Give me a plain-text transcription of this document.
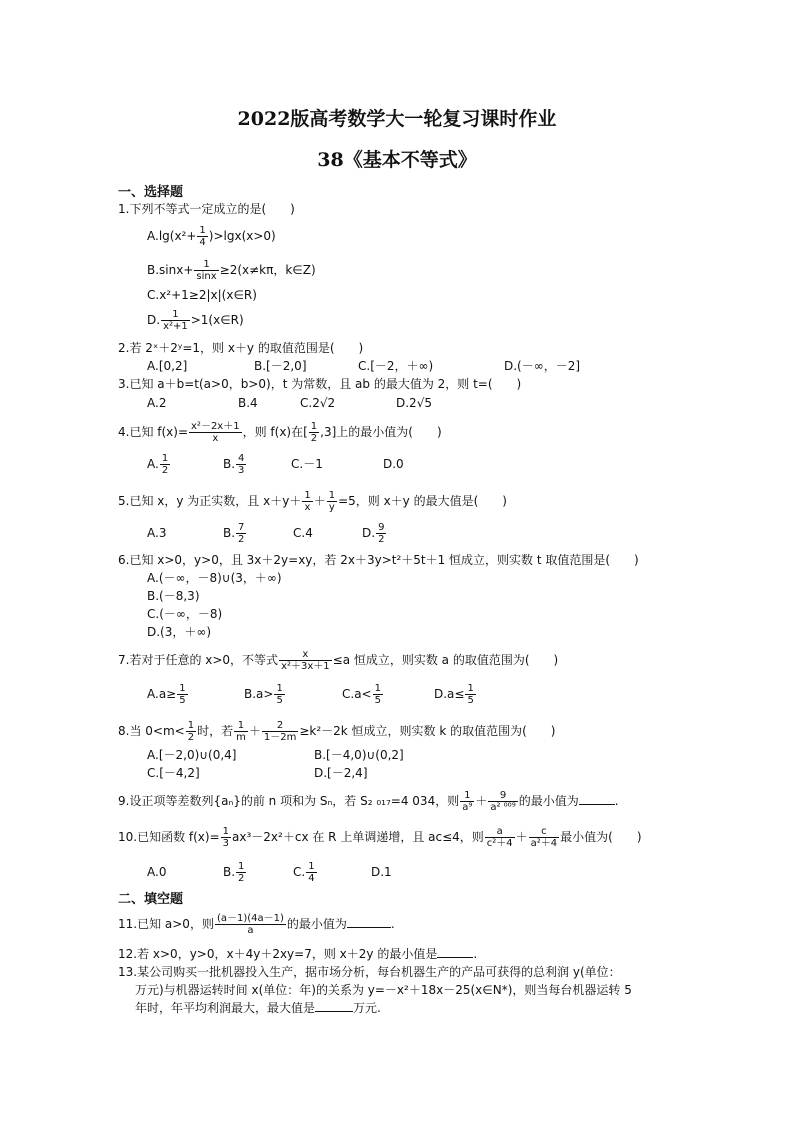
2022版高考数学大一轮复习课时作业
38《基本不等式》
一、选择题
1.下列不等式一定成立的是(　　)
$A.\lg(x^2+ \frac{1}{4} )>\lg x(x>0)$
$B.\sin x+ \frac{1}{\sin x} \ge 2(x\ne k\pi$，k∈Z)
C.x²+1≥2|x|(x∈R)
D. $\frac{1}{\text{x²+1}}$ >1(x∈R)
2.若 2ˣ＋2ʸ=1，则 x＋y 的取值范围是(　　)
A.[0,2]	B.[－2,0]	C.[－2，＋∞)	D.(－∞，－2]
3.已知 a＋b=t(a>0，b>0)，t 为常数，且 ab 的最大值为 2，则 t=(　　)
A.2	B.4	C.2√2	D.2√5
4.已知 $f(x)= \frac{\text{x²－2x＋1}}{x}$ ，则 f(x)在[ $\frac{1}{2} ,3$]上的最小值为(　　)
A. $\frac{1}{2}$	B. $\frac{4}{3}$	C.－1	D.0
5.已知 x，y 为正实数，且 $x+y+ \frac{1}{x} + \frac{1}{y} =5$，则 x＋y 的最大值是(　　)
A.3	B. $\frac{7}{2}$	C.4	D. $\frac{9}{2}$
6.已知 x>0，y>0，且 3x＋2y=xy，若 2x＋3y>t²＋5t＋1 恒成立，则实数 t 取值范围是(　　)
A.(－∞，－8)∪(3，＋∞)
B.(－8,3)
C.(－∞，－8)
D.(3，＋∞)
7.若对于任意的 x>0，不等式 $\frac{x}{\text{x²＋3x＋1}} \le a$ 恒成立，则实数 a 的取值范围为(　　)
$A.a\ge \frac{1}{5}$	$B.a> \frac{1}{5}$	$C.a< \frac{1}{5}$	$D.a\le \frac{1}{5}$
8.当 $0<m< \frac{1}{2}$ 时，若 $\frac{1}{m} + \frac{2}{1-2m} \ge k^2-2k$ 恒成立，则实数 k 的取值范围为(　　)
A.[－2,0)∪(0,4]	B.[－4,0)∪(0,2]
C.[－4,2]	D.[－2,4]
9.设正项等差数列{aₙ}的前 n 项和为 Sₙ，若 S₂ ₀₁₇=4 034，则 $\frac{1}{\text{a⁹}} + \frac{9}{\text{a² ⁰⁰⁹}}$ 的最小值为	.
10.已知函数 $f(x)= \frac{1}{3} ax^3-2x^2+cx$ 在 R 上单调递增，且 ac≤4，则 $\frac{a}{\text{c²＋4}} + \frac{c}{\text{a²＋4}}$ 最小值为(　　)
A.0	B. $\frac{1}{2}$	C. $\frac{1}{4}$	D.1
二、填空题
11.已知 a>0，则 $\frac{(a-1)(4a-1)}{a}$ 的最小值为	.
12.若 x>0，y>0，x＋4y＋2xy=7，则 x＋2y 的最小值是	.
13.某公司购买一批机器投入生产，据市场分析，每台机器生产的产品可获得的总利润 y(单位：
万元)与机器运转时间 x(单位：年)的关系为 y=－x²＋18x－25(x∈N*)，则当每台机器运转 5
年时，年平均利润最大，最大值是	万元.
